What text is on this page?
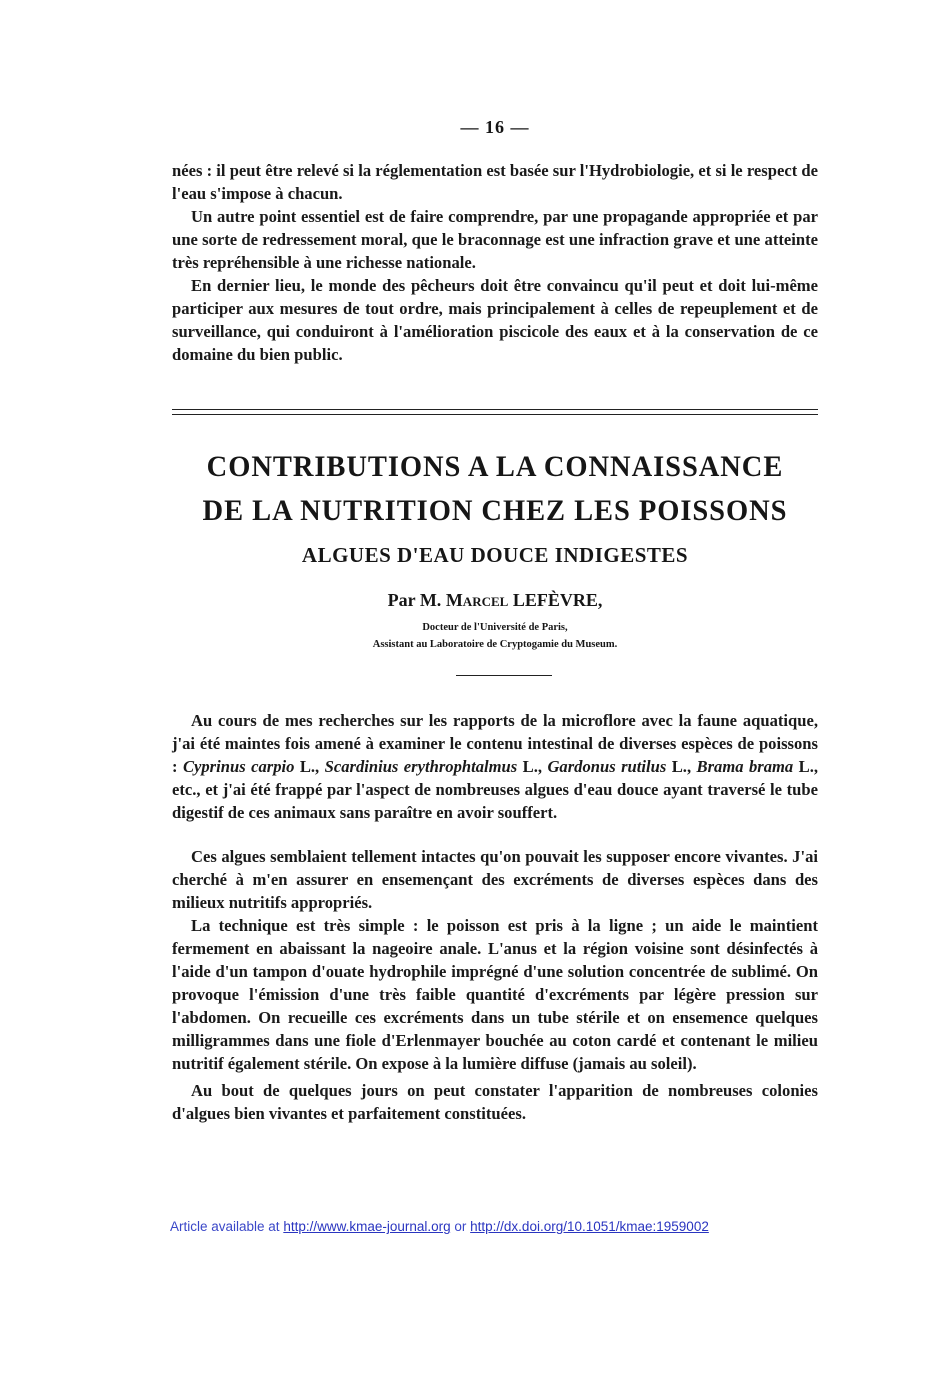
— 16 —

nées : il peut être relevé si la réglementation est basée sur l'Hydrobiologie, et si le respect de l'eau s'impose à chacun.

Un autre point essentiel est de faire comprendre, par une propagande appropriée et par une sorte de redressement moral, que le braconnage est une infraction grave et une atteinte très repréhensible à une richesse nationale.

En dernier lieu, le monde des pêcheurs doit être convaincu qu'il peut et doit lui-même participer aux mesures de tout ordre, mais principalement à celles de repeuplement et de surveillance, qui conduiront à l'amélioration piscicole des eaux et à la conservation de ce domaine du bien public.

CONTRIBUTIONS A LA CONNAISSANCE
DE LA NUTRITION CHEZ LES POISSONS
ALGUES D'EAU DOUCE INDIGESTES
Par M. Marcel LEFÈVRE,
Docteur de l'Université de Paris,
Assistant au Laboratoire de Cryptogamie du Museum.

Au cours de mes recherches sur les rapports de la microflore avec la faune aquatique, j'ai été maintes fois amené à examiner le contenu intestinal de diverses espèces de poissons : Cyprinus carpio L., Scardinius erythrophtalmus L., Gardonus rutilus L., Brama brama L., etc., et j'ai été frappé par l'aspect de nombreuses algues d'eau douce ayant traversé le tube digestif de ces animaux sans paraître en avoir souffert.

Ces algues semblaient tellement intactes qu'on pouvait les supposer encore vivantes. J'ai cherché à m'en assurer en ensemençant des excréments de diverses espèces dans des milieux nutritifs appropriés.

La technique est très simple : le poisson est pris à la ligne ; un aide le maintient fermement en abaissant la nageoire anale. L'anus et la région voisine sont désinfectés à l'aide d'un tampon d'ouate hydrophile imprégné d'une solution concentrée de sublimé. On provoque l'émission d'une très faible quantité d'excréments par légère pression sur l'abdomen. On recueille ces excréments dans un tube stérile et on ensemence quelques milligrammes dans une fiole d'Erlenmayer bouchée au coton cardé et contenant le milieu nutritif également stérile. On expose à la lumière diffuse (jamais au soleil).

Au bout de quelques jours on peut constater l'apparition de nombreuses colonies d'algues bien vivantes et parfaitement constituées.

Article available at http://www.kmae-journal.org or http://dx.doi.org/10.1051/kmae:1959002
